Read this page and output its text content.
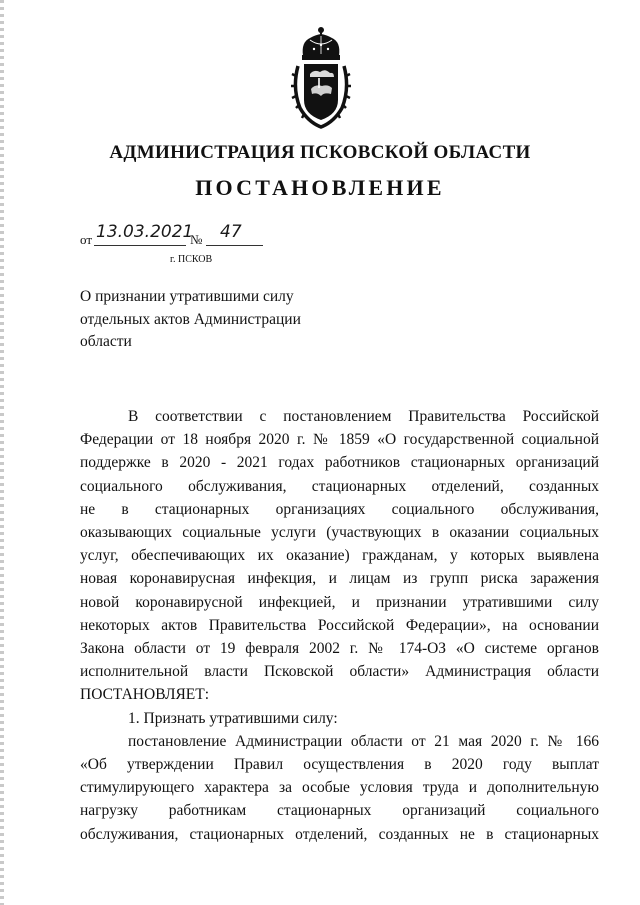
АДМИНИСТРАЦИЯ ПСКОВСКОЙ ОБЛАСТИ
ПОСТАНОВЛЕНИЕ
от 13.03.2021
№ 47
г. ПСКОВ
О признании утратившими силу
отдельных актов Администрации
области
В соответствии с постановлением Правительства Российской
Федерации от 18 ноября 2020 г. № 1859 «О государственной социальной
поддержке в 2020 - 2021 годах работников стационарных организаций
социального обслуживания, стационарных отделений, созданных
не в стационарных организациях социального обслуживания,
оказывающих социальные услуги (участвующих в оказании социальных
услуг, обеспечивающих их оказание) гражданам, у которых выявлена
новая коронавирусная инфекция, и лицам из групп риска заражения
новой коронавирусной инфекцией, и признании утратившими силу
некоторых актов Правительства Российской Федерации», на основании
Закона области от 19 февраля 2002 г. № 174-ОЗ «О системе органов
исполнительной власти Псковской области» Администрация области
ПОСТАНОВЛЯЕТ:
1. Признать утратившими силу:
постановление Администрации области от 21 мая 2020 г. № 166
«Об утверждении Правил осуществления в 2020 году выплат
стимулирующего характера за особые условия труда и дополнительную
нагрузку работникам стационарных организаций социального
обслуживания, стационарных отделений, созданных не в стационарных
